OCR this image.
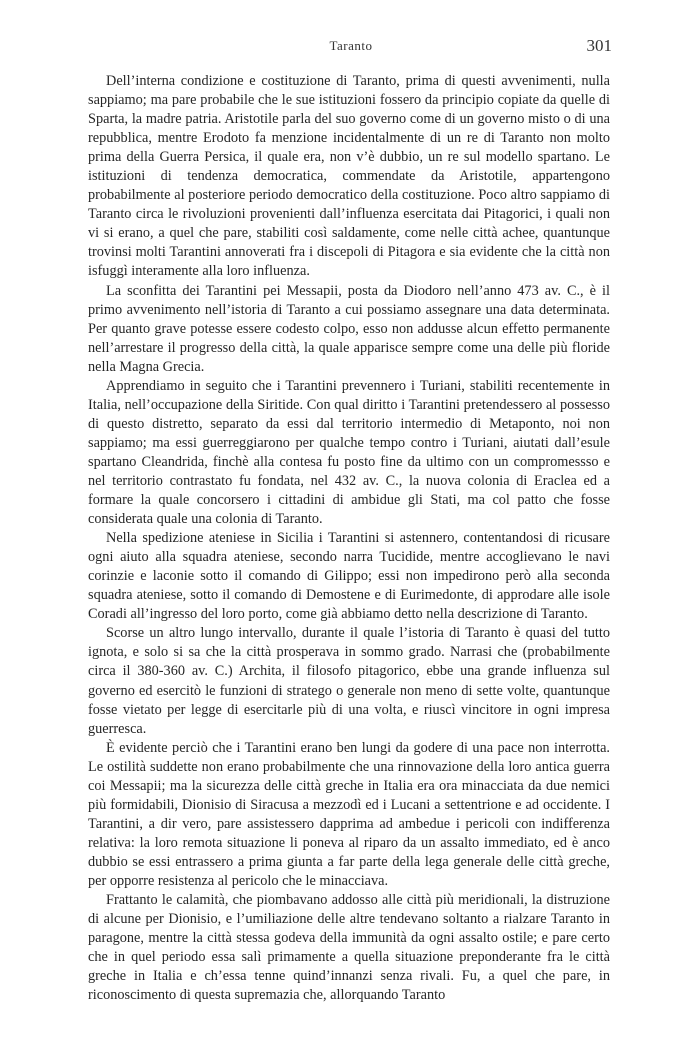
Taranto	301

Dell’interna condizione e costituzione di Taranto, prima di questi avvenimenti, nulla sappiamo; ma pare probabile che le sue istituzioni fossero da principio copiate da quelle di Sparta, la madre patria. Aristotile parla del suo governo come di un governo misto o di una repubblica, mentre Erodoto fa menzione incidentalmente di un re di Taranto non molto prima della Guerra Persica, il quale era, non v’è dubbio, un re sul modello spartano. Le istituzioni di tendenza democratica, commendate da Aristotile, appartengono probabilmente al posteriore periodo democratico della costituzione. Poco altro sappiamo di Taranto circa le rivoluzioni provenienti dall’influenza esercitata dai Pitagorici, i quali non vi si erano, a quel che pare, stabiliti così saldamente, come nelle città achee, quantunque trovinsi molti Tarantini annoverati fra i discepoli di Pitagora e sia evidente che la città non isfuggì interamente alla loro influenza.

La sconfitta dei Tarantini pei Messapii, posta da Diodoro nell’anno 473 av. C., è il primo avvenimento nell’istoria di Taranto a cui possiamo assegnare una data determinata. Per quanto grave potesse essere codesto colpo, esso non addusse alcun effetto permanente nell’arrestare il progresso della città, la quale apparisce sempre come una delle più floride nella Magna Grecia.

Apprendiamo in seguito che i Tarantini prevennero i Turiani, stabiliti recentemente in Italia, nell’occupazione della Siritide. Con qual diritto i Tarantini pretendessero al possesso di questo distretto, separato da essi dal territorio intermedio di Metaponto, noi non sappiamo; ma essi guerreggiarono per qualche tempo contro i Turiani, aiutati dall’esule spartano Cleandrida, finchè alla contesa fu posto fine da ultimo con un compromessso e nel territorio contrastato fu fondata, nel 432 av. C., la nuova colonia di Eraclea ed a formare la quale concorsero i cittadini di ambidue gli Stati, ma col patto che fosse considerata quale una colonia di Taranto.

Nella spedizione ateniese in Sicilia i Tarantini si astennero, contentandosi di ricusare ogni aiuto alla squadra ateniese, secondo narra Tucidide, mentre accoglievano le navi corinzie e laconie sotto il comando di Gilippo; essi non impedirono però alla seconda squadra ateniese, sotto il comando di Demostene e di Eurimedonte, di approdare alle isole Coradi all’ingresso del loro porto, come già abbiamo detto nella descrizione di Taranto.

Scorse un altro lungo intervallo, durante il quale l’istoria di Taranto è quasi del tutto ignota, e solo si sa che la città prosperava in sommo grado. Narrasi che (probabilmente circa il 380-360 av. C.) Archita, il filosofo pitagorico, ebbe una grande influenza sul governo ed esercitò le funzioni di stratego o generale non meno di sette volte, quantunque fosse vietato per legge di esercitarle più di una volta, e riuscì vincitore in ogni impresa guerresca.

È evidente perciò che i Tarantini erano ben lungi da godere di una pace non interrotta. Le ostilità suddette non erano probabilmente che una rinnovazione della loro antica guerra coi Messapii; ma la sicurezza delle città greche in Italia era ora minacciata da due nemici più formidabili, Dionisio di Siracusa a mezzodì ed i Lucani a settentrione e ad occidente. I Tarantini, a dir vero, pare assistessero dapprima ad ambedue i pericoli con indifferenza relativa: la loro remota situazione li poneva al riparo da un assalto immediato, ed è anco dubbio se essi entrassero a prima giunta a far parte della lega generale delle città greche, per opporre resistenza al pericolo che le minacciava.

Frattanto le calamità, che piombavano addosso alle città più meridionali, la distruzione di alcune per Dionisio, e l’umiliazione delle altre tendevano soltanto a rialzare Taranto in paragone, mentre la città stessa godeva della immunità da ogni assalto ostile; e pare certo che in quel periodo essa salì primamente a quella situazione preponderante fra le città greche in Italia e ch’essa tenne quind’innanzi senza rivali. Fu, a quel che pare, in riconoscimento di questa supremazia che, allorquando Taranto
